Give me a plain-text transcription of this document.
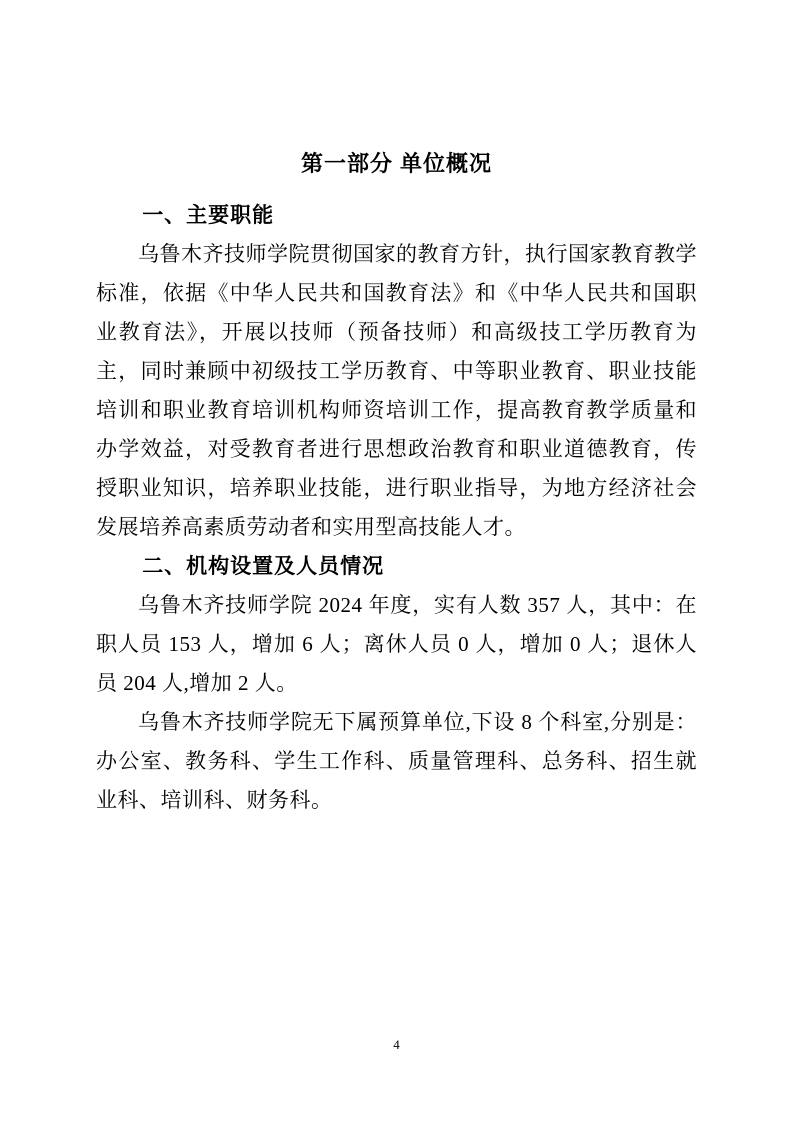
第一部分 单位概况
一、主要职能

乌鲁木齐技师学院贯彻国家的教育方针，执行国家教育教学标准，依据《中华人民共和国教育法》和《中华人民共和国职业教育法》，开展以技师（预备技师）和高级技工学历教育为主，同时兼顾中初级技工学历教育、中等职业教育、职业技能培训和职业教育培训机构师资培训工作，提高教育教学质量和办学效益，对受教育者进行思想政治教育和职业道德教育，传授职业知识，培养职业技能，进行职业指导，为地方经济社会发展培养高素质劳动者和实用型高技能人才。

二、机构设置及人员情况

乌鲁木齐技师学院 2024 年度，实有人数 357 人，其中：在职人员 153 人，增加 6 人；离休人员 0 人，增加 0 人；退休人员 204 人,增加 2 人。

乌鲁木齐技师学院无下属预算单位,下设 8 个科室,分别是：办公室、教务科、学生工作科、质量管理科、总务科、招生就业科、培训科、财务科。

4
